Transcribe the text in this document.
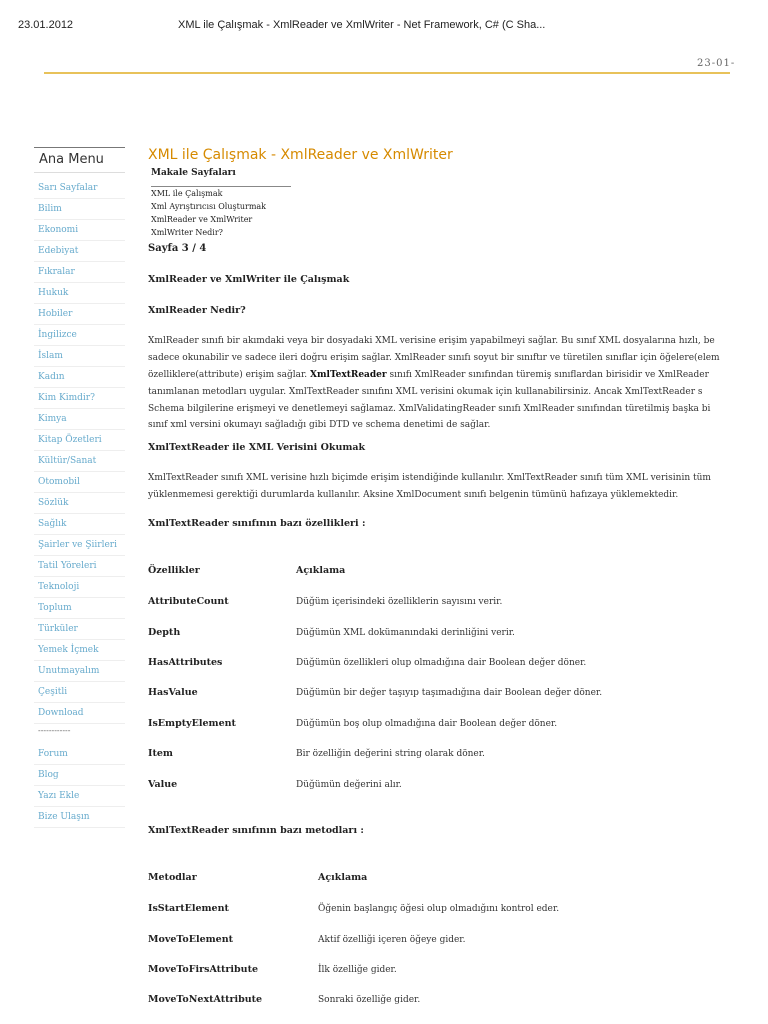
23.01.2012	XML ile Çalışmak - XmlReader ve XmlWriter - Net Framework, C# (C Sha...
23-01-
Ana Menu
Sarı Sayfalar
Bilim
Ekonomi
Edebiyat
Fıkralar
Hukuk
Hobiler
İngilizce
İslam
Kadın
Kim Kimdir?
Kimya
Kitap Özetleri
Kültür/Sanat
Otomobil
Sözlük
Sağlık
Şairler ve Şiirleri
Tatil Yöreleri
Teknoloji
Toplum
Türküler
Yemek İçmek
Unutmayalım
Çeşitli
Download
------------
Forum
Blog
Yazı Ekle
Bize Ulaşın
XML ile Çalışmak - XmlReader ve XmlWriter
Makale Sayfaları
XML ile Çalışmak
Xml Ayrıştırıcısı Oluşturmak
XmlReader ve XmlWriter
XmlWriter Nedir?
Sayfa 3 / 4
XmlReader ve XmlWriter ile Çalışmak
XmlReader Nedir?
XmlReader sınıfı bir akımdaki veya bir dosyadaki XML verisine erişim yapabilmeyi sağlar. Bu sınıf XML dosyalarına hızlı, be
sadece okunabilir ve sadece ileri doğru erişim sağlar. XmlReader sınıfı soyut bir sınıftır ve türetilen sınıflar için öğelere(elem
özelliklere(attribute) erişim sağlar. XmlTextReader sınıfı XmlReader sınıfından türemiş sınıflardan birisidir ve XmlReader
tanımlanan metodları uygular. XmlTextReader sınıfını XML verisini okumak için kullanabilirsiniz. Ancak XmlTextReader s
Schema bilgilerine erişmeyi ve denetlemeyi sağlamaz. XmlValidatingReader sınıfı XmlReader sınıfından türetilmiş başka bi
sınıf xml versini okumayı sağladığı gibi DTD ve schema denetimi de sağlar.
XmlTextReader ile XML Verisini Okumak
XmlTextReader sınıfı XML verisine hızlı biçimde erişim istendiğinde kullanılır. XmlTextReader sınıfı tüm XML verisinin tüm
yüklenmemesi gerektiği durumlarda kullanılır. Aksine XmlDocument sınıfı belgenin tümünü hafızaya yüklemektedir.
XmlTextReader sınıfının bazı özellikleri :
Özellikler	Açıklama
AttributeCount	Düğüm içerisindeki özelliklerin sayısını verir.
Depth	Düğümün XML dokümanındaki derinliğini verir.
HasAttributes	Düğümün özellikleri olup olmadığına dair Boolean değer döner.
HasValue	Düğümün bir değer taşıyıp taşımadığına dair Boolean değer döner.
IsEmptyElement	Düğümün boş olup olmadığına dair Boolean değer döner.
Item	Bir özelliğin değerini string olarak döner.
Value	Düğümün değerini alır.
XmlTextReader sınıfının bazı metodları :
Metodlar	Açıklama
IsStartElement	Öğenin başlangıç öğesi olup olmadığını kontrol eder.
MoveToElement	Aktif özelliği içeren öğeye gider.
MoveToFirsAttribute	İlk özelliğe gider.
MoveToNextAttribute	Sonraki özelliğe gider.
